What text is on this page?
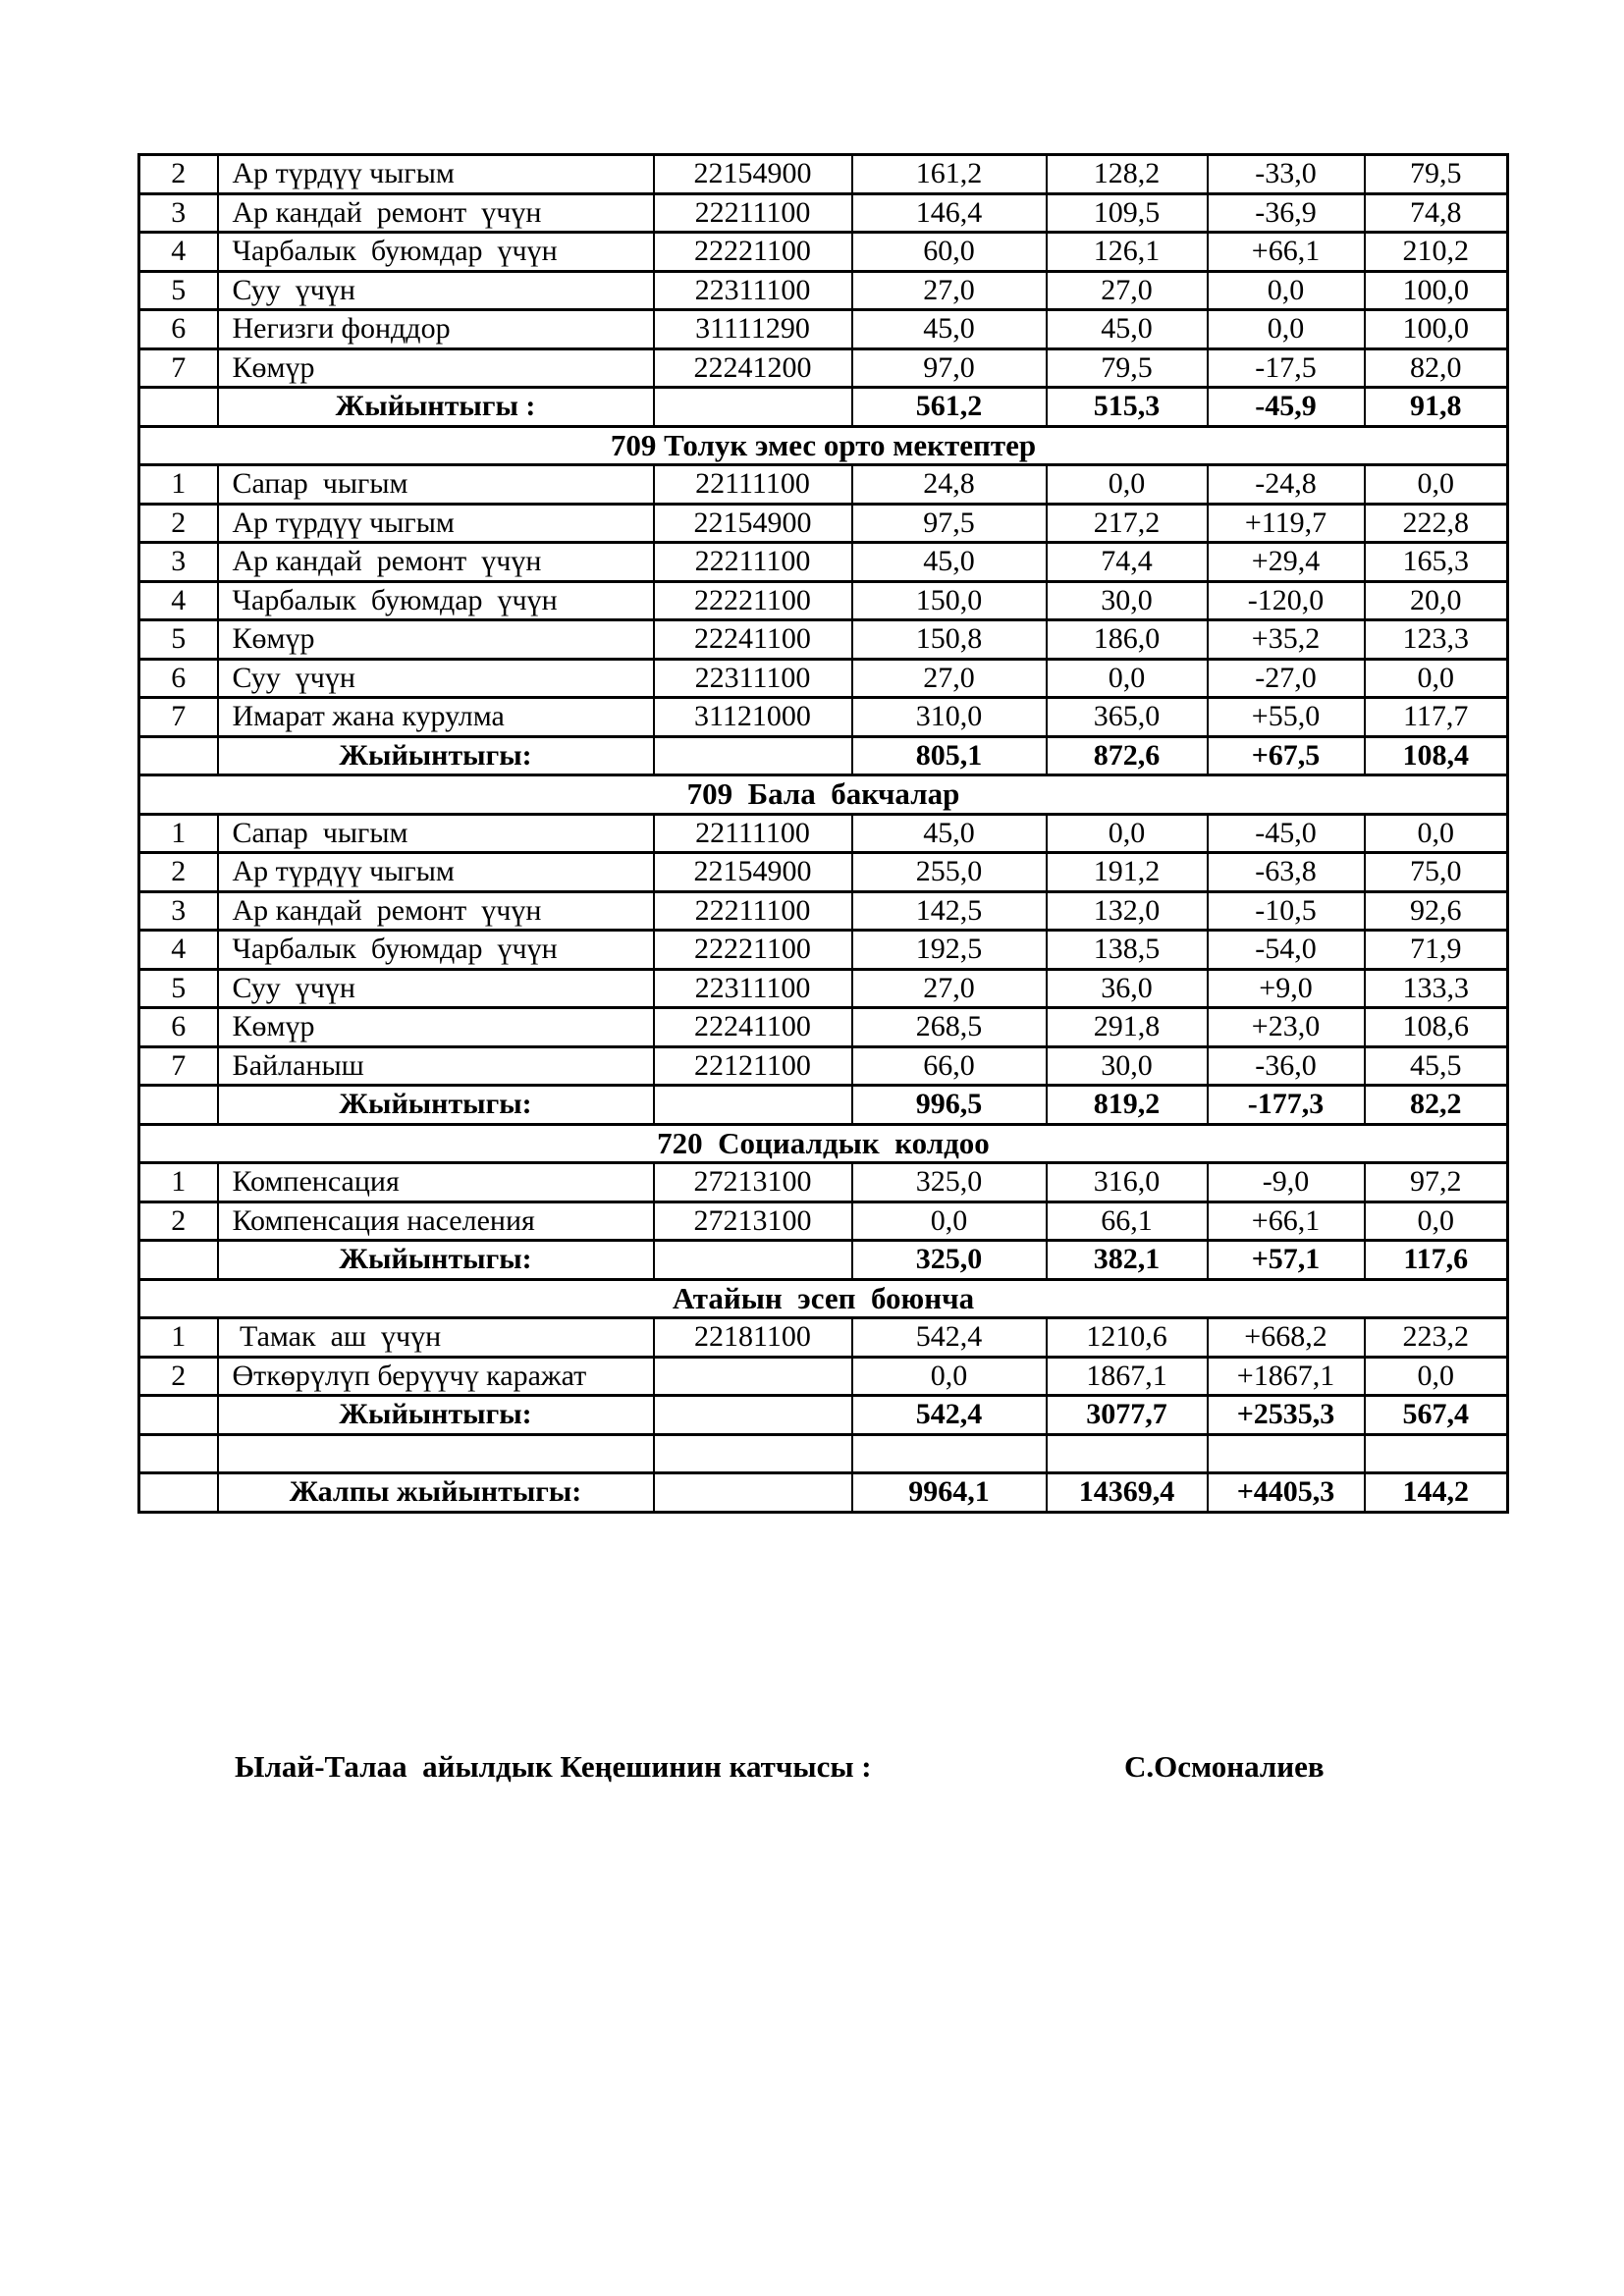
2	Ар түрдүү чыгым	22154900	161,2	128,2	-33,0	79,5
3	Ар кандай  ремонт  үчүн	22211100	146,4	109,5	-36,9	74,8
4	Чарбалык  буюмдар  үчүн	22221100	60,0	126,1	+66,1	210,2
5	Суу  үчүн	22311100	27,0	27,0	0,0	100,0
6	Негизги фонддор	31111290	45,0	45,0	0,0	100,0
7	Көмүр	22241200	97,0	79,5	-17,5	82,0
	Жыйынтыгы :		561,2	515,3	-45,9	91,8
709 Толук эмес орто мектептер						
1	Сапар  чыгым	22111100	24,8	0,0	-24,8	0,0
2	Ар түрдүү чыгым	22154900	97,5	217,2	+119,7	222,8
3	Ар кандай  ремонт  үчүн	22211100	45,0	74,4	+29,4	165,3
4	Чарбалык  буюмдар  үчүн	22221100	150,0	30,0	-120,0	20,0
5	Көмүр	22241100	150,8	186,0	+35,2	123,3
6	Суу  үчүн	22311100	27,0	0,0	-27,0	0,0
7	Имарат жана курулма	31121000	310,0	365,0	+55,0	117,7
	Жыйынтыгы:		805,1	872,6	+67,5	108,4
709  Бала  бакчалар						
1	Сапар  чыгым	22111100	45,0	0,0	-45,0	0,0
2	Ар түрдүү чыгым	22154900	255,0	191,2	-63,8	75,0
3	Ар кандай  ремонт  үчүн	22211100	142,5	132,0	-10,5	92,6
4	Чарбалык  буюмдар  үчүн	22221100	192,5	138,5	-54,0	71,9
5	Суу  үчүн	22311100	27,0	36,0	+9,0	133,3
6	Көмүр	22241100	268,5	291,8	+23,0	108,6
7	Байланыш	22121100	66,0	30,0	-36,0	45,5
	Жыйынтыгы:		996,5	819,2	-177,3	82,2
720  Социалдык  колдоо						
1	Компенсация	27213100	325,0	316,0	-9,0	97,2
2	Компенсация населения	27213100	0,0	66,1	+66,1	0,0
	Жыйынтыгы:		325,0	382,1	+57,1	117,6
Атайын  эсеп  боюнча						
1	Тамак  аш  үчүн	22181100	542,4	1210,6	+668,2	223,2
2	Өткөрүлүп берүүчү каражат		0,0	1867,1	+1867,1	0,0
	Жыйынтыгы:		542,4	3077,7	+2535,3	567,4

	Жалпы жыйынтыгы:		9964,1	14369,4	+4405,3	144,2
Ылай-Талаа  айылдык Кеңешинин катчысы :	С.Осмоналиев
